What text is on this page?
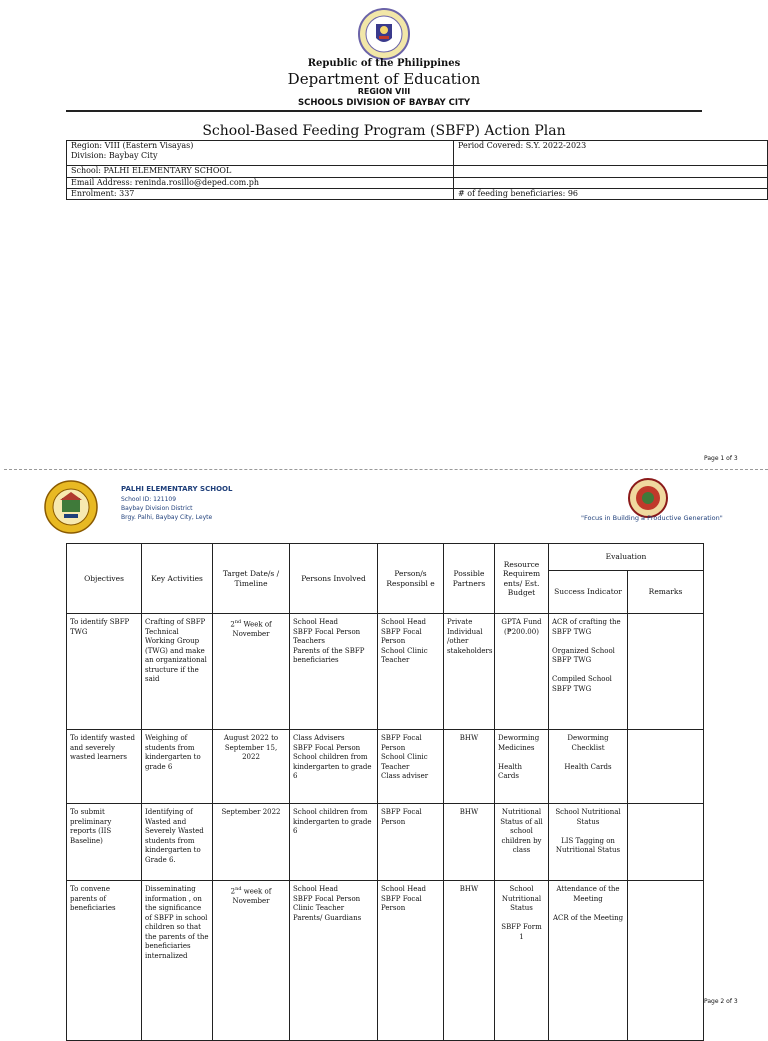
Republic of the Philippines
Department of Education
REGION VIII
SCHOOLS DIVISION OF BAYBAY CITY
School-Based Feeding Program (SBFP) Action Plan
Region: VIII (Eastern Visayas)
Division: Baybay City	Period Covered: S.Y. 2022-2023
School: PALHI ELEMENTARY SCHOOL	
Email Address: reninda.rosillo@deped.com.ph	
Enrolment: 337	# of feeding beneficiaries: 96
Page 1 of 3
PALHI ELEMENTARY SCHOOL
School ID: 121109
Baybay Division District
Brgy. Palhi, Baybay City, Leyte	"Focus in Building a Productive Generation"
Objectives	Key Activities	Target Date/s / Timeline	Persons Involved	Person/s Responsibl e	Possible Partners	Resource Requirem ents/ Est. Budget	Evaluation	
							Success Indicator	Remarks
To identify SBFP TWG	Crafting of SBFP Technical Working Group (TWG) and make an organizational structure if the said	2nd Week of November	School Head
SBFP Focal Person
Teachers
Parents of the SBFP beneficiaries	School Head
SBFP Focal Person
School Clinic Teacher	Private Individual /other stakeholders	GPTA Fund
(₱200.00)	ACR of crafting the SBFP TWG

Organized School SBFP TWG

Compiled School SBFP TWG	
To identify wasted and severely wasted learners	Weighing of students from kindergarten to grade 6	August 2022 to September 15, 2022	Class Advisers
SBFP Focal Person
School children from kindergarten to grade 6	SBFP Focal Person
School Clinic Teacher
Class adviser	BHW	Deworming Medicines

Health Cards	Deworming Checklist

Health Cards	
To submit preliminary reports (IIS Baseline)	Identifying of Wasted and Severely Wasted students from kindergarten to Grade 6.	September 2022	School children from kindergarten to grade 6	SBFP Focal Person	BHW	Nutritional Status of all school children by class	School Nutritional Status

LIS Tagging on Nutritional Status	
To convene parents of beneficiaries	Disseminating information , on the significance of SBFP in school children so that the parents of the beneficiaries internalized	2nd week of November	School Head
SBFP Focal Person
Clinic Teacher
Parents/ Guardians	School Head
SBFP Focal Person	BHW	School Nutritional Status

SBFP Form 1	Attendance of the Meeting

ACR of the Meeting	
Page 2 of 3
